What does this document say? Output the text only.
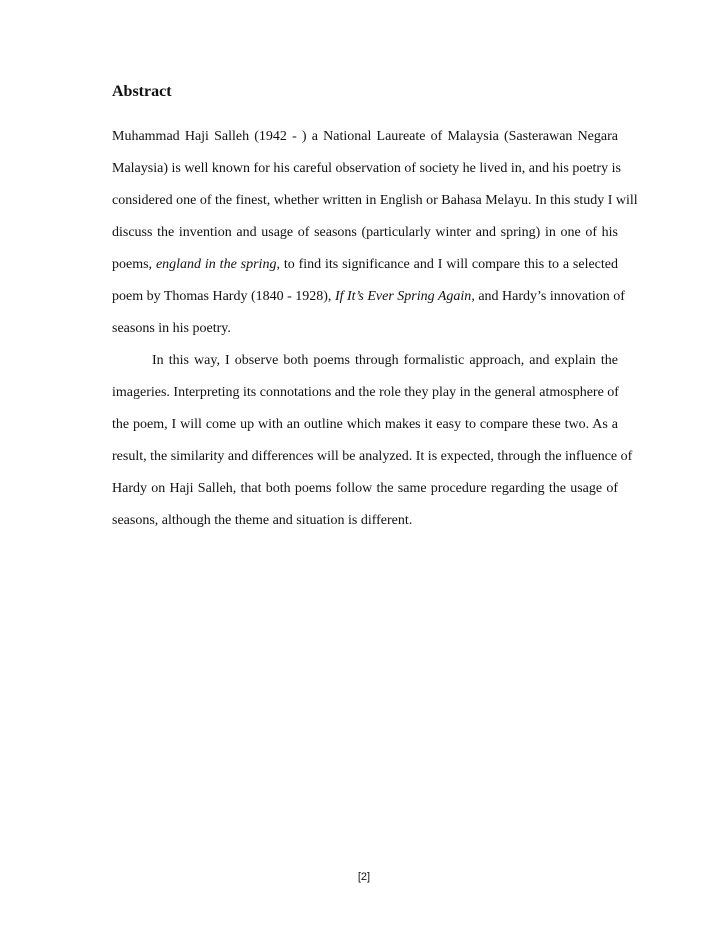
Abstract
Muhammad Haji Salleh (1942 - ) a National Laureate of Malaysia (Sasterawan Negara
Malaysia) is well known for his careful observation of society he lived in, and his poetry is
considered one of the finest, whether written in English or Bahasa Melayu. In this study I will
discuss the invention and usage of seasons (particularly winter and spring) in one of his
poems, england in the spring, to find its significance and I will compare this to a selected
poem by Thomas Hardy (1840 - 1928), If It’s Ever Spring Again, and Hardy’s innovation of
seasons in his poetry.
In this way, I observe both poems through formalistic approach, and explain the
imageries. Interpreting its connotations and the role they play in the general atmosphere of
the poem, I will come up with an outline which makes it easy to compare these two. As a
result, the similarity and differences will be analyzed. It is expected, through the influence of
Hardy on Haji Salleh, that both poems follow the same procedure regarding the usage of
seasons, although the theme and situation is different.

[2]
